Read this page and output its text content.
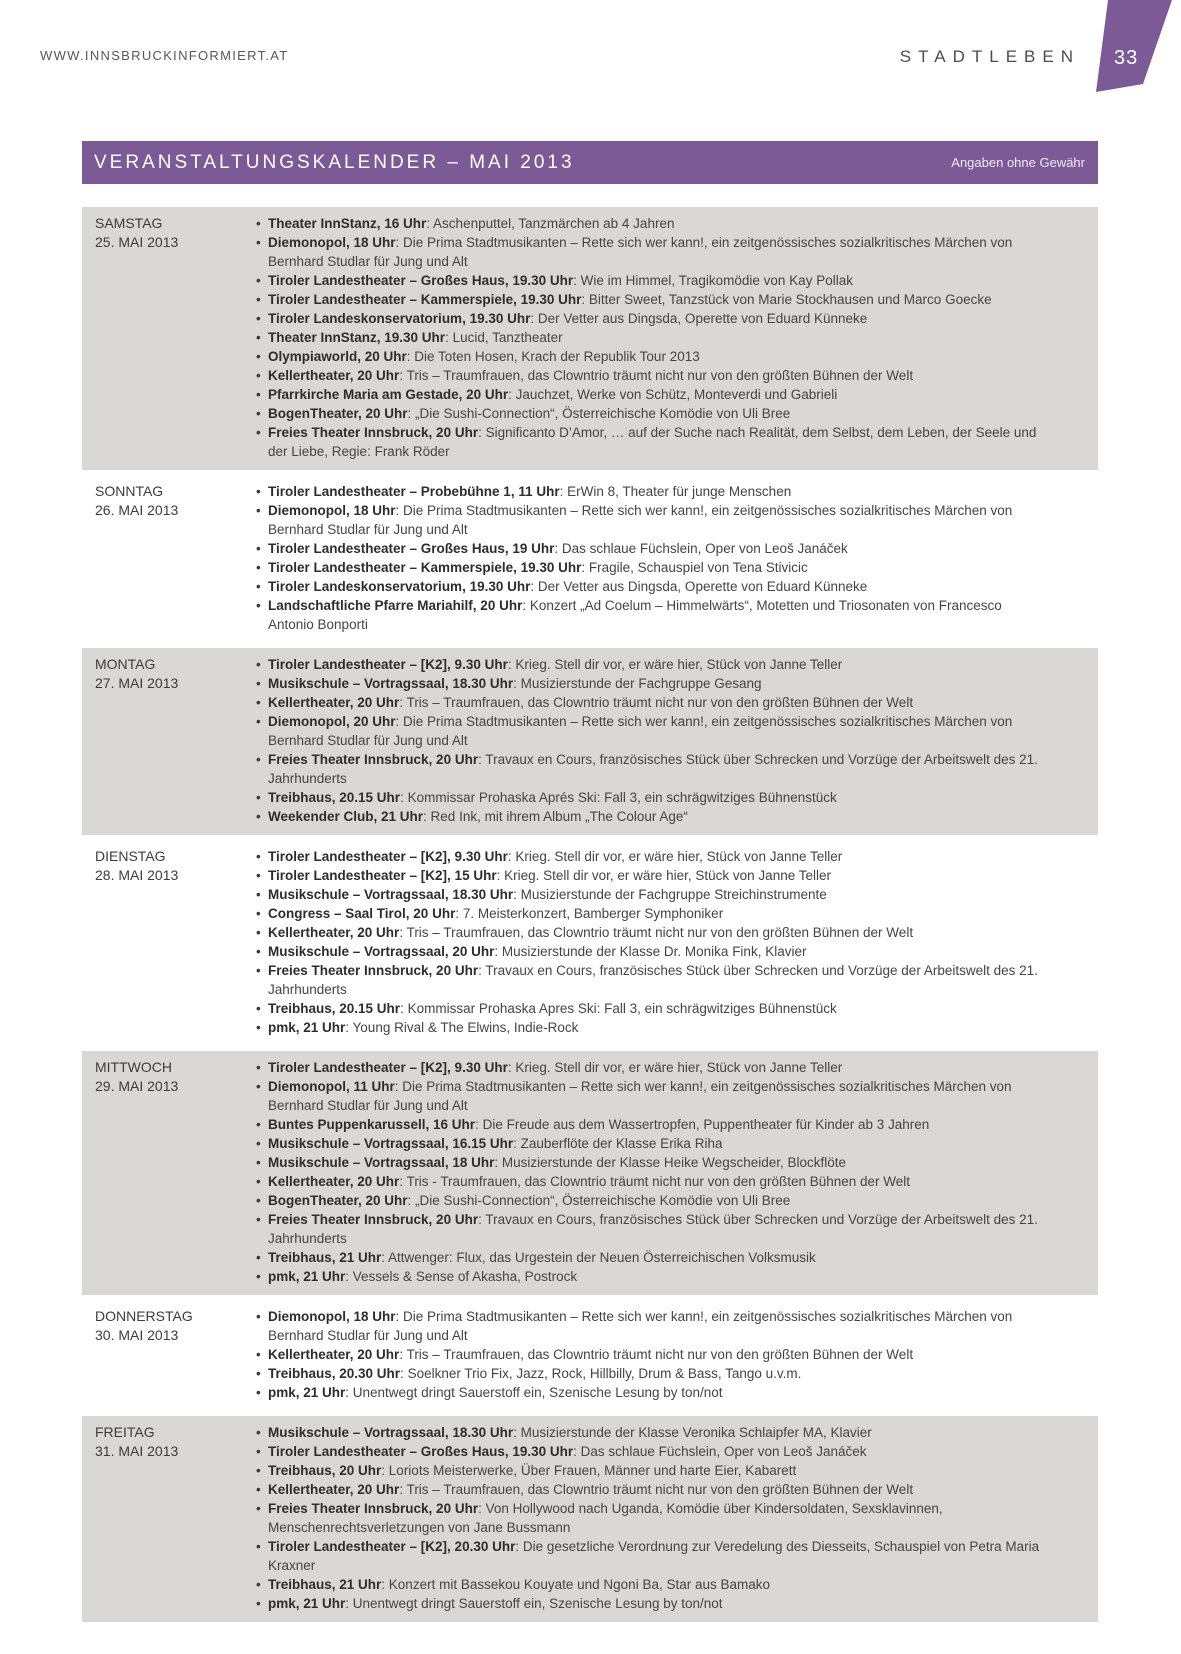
WWW.INNSBRUCKINFORMIERT.AT	STADTLEBEN 33
VERANSTALTUNGSKALENDER – MAI 2013	Angaben ohne Gewähr
SAMSTAG
25. MAI 2013
• Theater InnStanz, 16 Uhr: Aschenputtel, Tanzmärchen ab 4 Jahren
• Diemonopol, 18 Uhr: Die Prima Stadtmusikanten – Rette sich wer kann!, ein zeitgenössisches sozialkritisches Märchen von Bernhard Studlar für Jung und Alt
• Tiroler Landestheater – Großes Haus, 19.30 Uhr: Wie im Himmel, Tragikomödie von Kay Pollak
• Tiroler Landestheater – Kammerspiele, 19.30 Uhr: Bitter Sweet, Tanzstück von Marie Stockhausen und Marco Goecke
• Tiroler Landeskonservatorium, 19.30 Uhr: Der Vetter aus Dingsda, Operette von Eduard Künneke
• Theater InnStanz, 19.30 Uhr: Lucid, Tanztheater
• Olympiaworld, 20 Uhr: Die Toten Hosen, Krach der Republik Tour 2013
• Kellertheater, 20 Uhr: Tris – Traumfrauen, das Clowntrio träumt nicht nur von den größten Bühnen der Welt
• Pfarrkirche Maria am Gestade, 20 Uhr: Jauchzet, Werke von Schütz, Monteverdi und Gabrieli
• BogenTheater, 20 Uhr: „Die Sushi-Connection“, Österreichische Komödie von Uli Bree
• Freies Theater Innsbruck, 20 Uhr: Significanto D’Amor, … auf der Suche nach Realität, dem Selbst, dem Leben, der Seele und der Liebe, Regie: Frank Röder
SONNTAG
26. MAI 2013
• Tiroler Landestheater – Probebühne 1, 11 Uhr: ErWin 8, Theater für junge Menschen
• Diemonopol, 18 Uhr: Die Prima Stadtmusikanten – Rette sich wer kann!, ein zeitgenössisches sozialkritisches Märchen von Bernhard Studlar für Jung und Alt
• Tiroler Landestheater – Großes Haus, 19 Uhr: Das schlaue Füchslein, Oper von Leoš Janáček
• Tiroler Landestheater – Kammerspiele, 19.30 Uhr: Fragile, Schauspiel von Tena Stivicic
• Tiroler Landeskonservatorium, 19.30 Uhr: Der Vetter aus Dingsda, Operette von Eduard Künneke
• Landschaftliche Pfarre Mariahilf, 20 Uhr: Konzert „Ad Coelum – Himmelwärts“, Motetten und Triosonaten von Francesco Antonio Bonporti
MONTAG
27. MAI 2013
• Tiroler Landestheater – [K2], 9.30 Uhr: Krieg. Stell dir vor, er wäre hier, Stück von Janne Teller
• Musikschule – Vortragssaal, 18.30 Uhr: Musizierstunde der Fachgruppe Gesang
• Kellertheater, 20 Uhr: Tris – Traumfrauen, das Clowntrio träumt nicht nur von den größten Bühnen der Welt
• Diemonopol, 20 Uhr: Die Prima Stadtmusikanten – Rette sich wer kann!, ein zeitgenössisches sozialkritisches Märchen von Bernhard Studlar für Jung und Alt
• Freies Theater Innsbruck, 20 Uhr: Travaux en Cours, französisches Stück über Schrecken und Vorzüge der Arbeitswelt des 21. Jahrhunderts
• Treibhaus, 20.15 Uhr: Kommissar Prohaska Aprés Ski: Fall 3, ein schrägwitziges Bühnenstück
• Weekender Club, 21 Uhr: Red Ink, mit ihrem Album „The Colour Age“
DIENSTAG
28. MAI 2013
• Tiroler Landestheater – [K2], 9.30 Uhr: Krieg. Stell dir vor, er wäre hier, Stück von Janne Teller
• Tiroler Landestheater – [K2], 15 Uhr: Krieg. Stell dir vor, er wäre hier, Stück von Janne Teller
• Musikschule – Vortragssaal, 18.30 Uhr: Musizierstunde der Fachgruppe Streichinstrumente
• Congress – Saal Tirol, 20 Uhr: 7. Meisterkonzert, Bamberger Symphoniker
• Kellertheater, 20 Uhr: Tris – Traumfrauen, das Clowntrio träumt nicht nur von den größten Bühnen der Welt
• Musikschule – Vortragssaal, 20 Uhr: Musizierstunde der Klasse Dr. Monika Fink, Klavier
• Freies Theater Innsbruck, 20 Uhr: Travaux en Cours, französisches Stück über Schrecken und Vorzüge der Arbeitswelt des 21. Jahrhunderts
• Treibhaus, 20.15 Uhr: Kommissar Prohaska Apres Ski: Fall 3, ein schrägwitziges Bühnenstück
• pmk, 21 Uhr: Young Rival & The Elwins, Indie-Rock
MITTWOCH
29. MAI 2013
• Tiroler Landestheater – [K2], 9.30 Uhr: Krieg. Stell dir vor, er wäre hier, Stück von Janne Teller
• Diemonopol, 11 Uhr: Die Prima Stadtmusikanten – Rette sich wer kann!, ein zeitgenössisches sozialkritisches Märchen von Bernhard Studlar für Jung und Alt
• Buntes Puppenkarussell, 16 Uhr: Die Freude aus dem Wassertropfen, Puppentheater für Kinder ab 3 Jahren
• Musikschule – Vortragssaal, 16.15 Uhr: Zauberflöte der Klasse Erika Riha
• Musikschule – Vortragssaal, 18 Uhr: Musizierstunde der Klasse Heike Wegscheider, Blockflöte
• Kellertheater, 20 Uhr: Tris - Traumfrauen, das Clowntrio träumt nicht nur von den größten Bühnen der Welt
• BogenTheater, 20 Uhr: „Die Sushi-Connection“, Österreichische Komödie von Uli Bree
• Freies Theater Innsbruck, 20 Uhr: Travaux en Cours, französisches Stück über Schrecken und Vorzüge der Arbeitswelt des 21. Jahrhunderts
• Treibhaus, 21 Uhr: Attwenger: Flux, das Urgestein der Neuen Österreichischen Volksmusik
• pmk, 21 Uhr: Vessels & Sense of Akasha, Postrock
DONNERSTAG
30. MAI 2013
• Diemonopol, 18 Uhr: Die Prima Stadtmusikanten – Rette sich wer kann!, ein zeitgenössisches sozialkritisches Märchen von Bernhard Studlar für Jung und Alt
• Kellertheater, 20 Uhr: Tris – Traumfrauen, das Clowntrio träumt nicht nur von den größten Bühnen der Welt
• Treibhaus, 20.30 Uhr: Soelkner Trio Fix, Jazz, Rock, Hillbilly, Drum & Bass, Tango u.v.m.
• pmk, 21 Uhr: Unentwegt dringt Sauerstoff ein, Szenische Lesung by ton/not
FREITAG
31. MAI 2013
• Musikschule – Vortragssaal, 18.30 Uhr: Musizierstunde der Klasse Veronika Schlaipfer MA, Klavier
• Tiroler Landestheater – Großes Haus, 19.30 Uhr: Das schlaue Füchslein, Oper von Leoš Janáček
• Treibhaus, 20 Uhr: Loriots Meisterwerke, Über Frauen, Männer und harte Eier, Kabarett
• Kellertheater, 20 Uhr: Tris – Traumfrauen, das Clowntrio träumt nicht nur von den größten Bühnen der Welt
• Freies Theater Innsbruck, 20 Uhr: Von Hollywood nach Uganda, Komödie über Kindersoldaten, Sexsklavinnen, Menschenrechtsverletzungen von Jane Bussmann
• Tiroler Landestheater – [K2], 20.30 Uhr: Die gesetzliche Verordnung zur Veredelung des Diesseits, Schauspiel von Petra Maria Kraxner
• Treibhaus, 21 Uhr: Konzert mit Bassekou Kouyate und Ngoni Ba, Star aus Bamako
• pmk, 21 Uhr: Unentwegt dringt Sauerstoff ein, Szenische Lesung by ton/not
